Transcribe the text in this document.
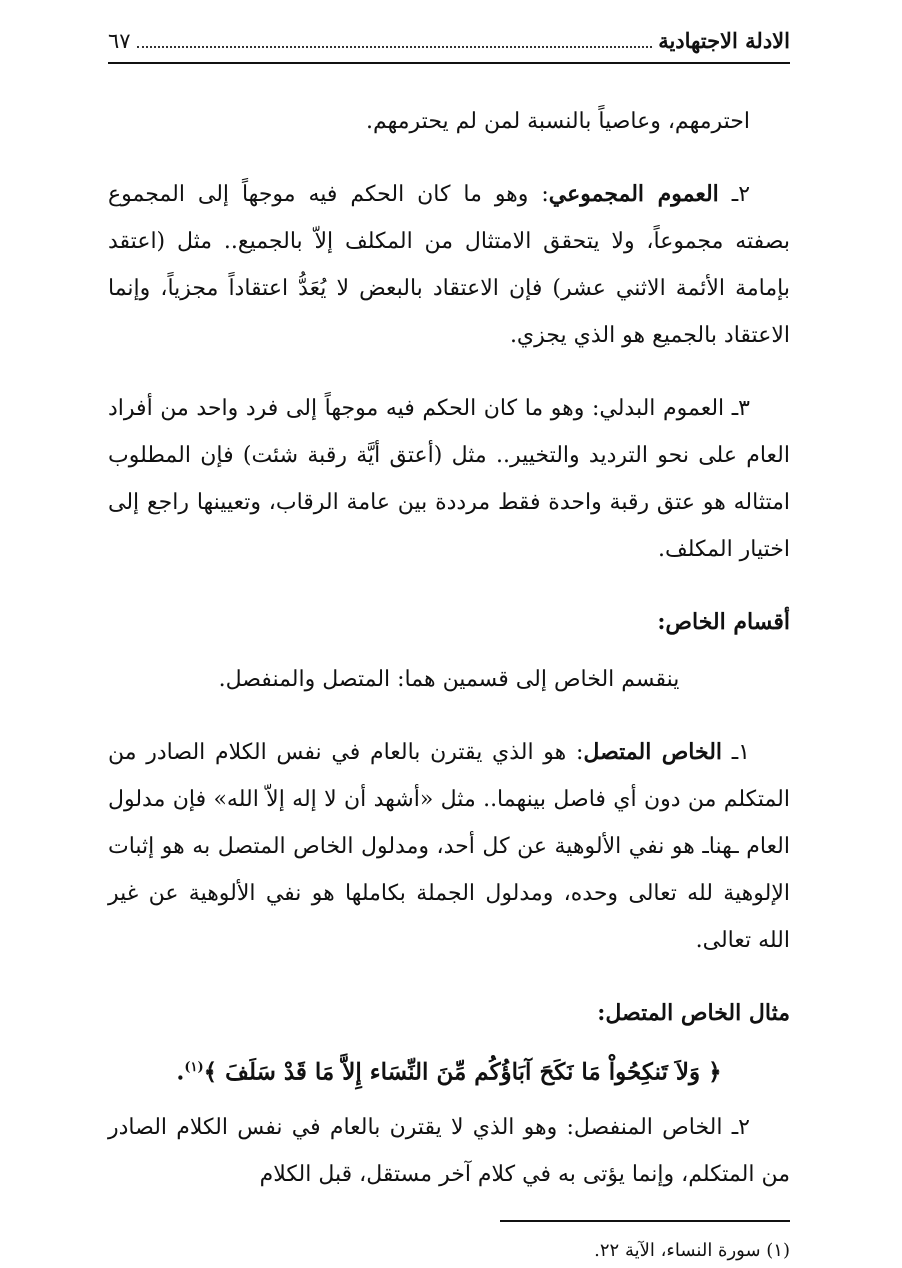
الادلة الاجتهادية
٦٧

احترمهم، وعاصياً بالنسبة لمن لم يحترمهم.

٢ـ العموم المجموعي: وهو ما كان الحكم فيه موجهاً إلى المجموع بصفته مجموعاً، ولا يتحقق الامتثال من المكلف إلاّ بالجميع.. مثل (اعتقد بإمامة الأئمة الاثني عشر) فإن الاعتقاد بالبعض لا يُعَدُّ اعتقاداً مجزياً، وإنما الاعتقاد بالجميع هو الذي يجزي.

٣ـ العموم البدلي: وهو ما كان الحكم فيه موجهاً إلى فرد واحد من أفراد العام على نحو الترديد والتخيير.. مثل (أعتق أيَّة رقبة شئت) فإن المطلوب امتثاله هو عتق رقبة واحدة فقط مرددة بين عامة الرقاب، وتعيينها راجع إلى اختيار المكلف.

أقسام الخاص:

ينقسم الخاص إلى قسمين هما: المتصل والمنفصل.

١ـ الخاص المتصل: هو الذي يقترن بالعام في نفس الكلام الصادر من المتكلم من دون أي فاصل بينهما.. مثل «أشهد أن لا إله إلاّ الله» فإن مدلول العام ـهناـ هو نفي الألوهية عن كل أحد، ومدلول الخاص المتصل به هو إثبات الإلوهية لله تعالى وحده، ومدلول الجملة بكاملها هو نفي الألوهية عن غير الله تعالى.

مثال الخاص المتصل:
﴿ وَلاَ تَنكِحُواْ مَا نَكَحَ آبَاؤُكُم مِّنَ النِّسَاء إِلاَّ مَا قَدْ سَلَفَ ﴾$^{(١)}$.

٢ـ الخاص المنفصل: وهو الذي لا يقترن بالعام في نفس الكلام الصادر من المتكلم، وإنما يؤتى به في كلام آخر مستقل، قبل الكلام

(١) سورة النساء، الآية ٢٢.
